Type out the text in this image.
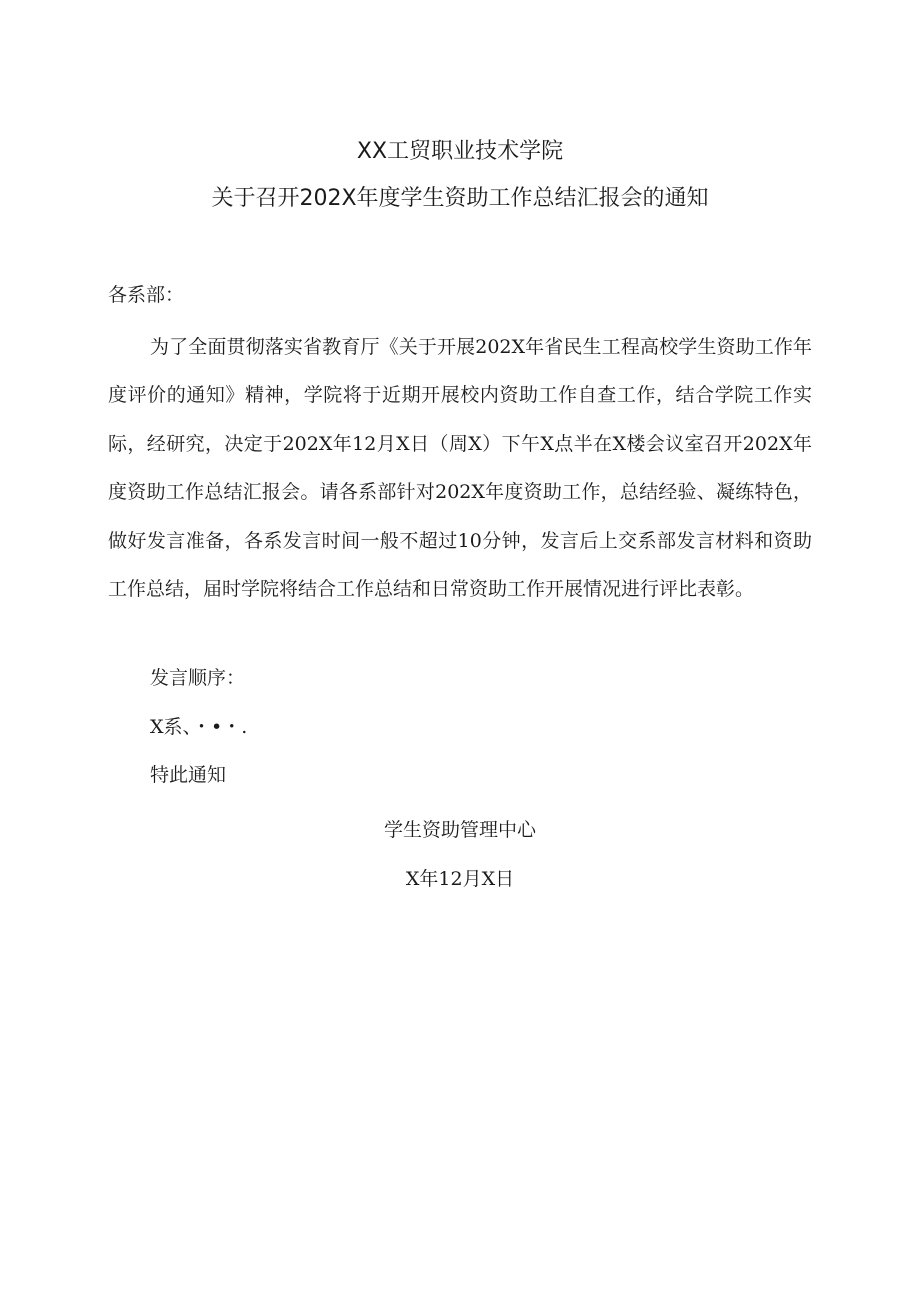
XX工贸职业技术学院
关于召开202X年度学生资助工作总结汇报会的通知
各系部：

为了全面贯彻落实省教育厅《关于开展202X年省民生工程高校学生资助工作年度评价的通知》精神，学院将于近期开展校内资助工作自查工作，结合学院工作实际，经研究，决定于202X年12月X日（周X）下午X点半在X楼会议室召开202X年度资助工作总结汇报会。请各系部针对202X年度资助工作，总结经验、凝练特色，做好发言准备，各系发言时间一般不超过10分钟，发言后上交系部发言材料和资助工作总结，届时学院将结合工作总结和日常资助工作开展情况进行评比表彰。

发言顺序：
X系、・•・.
特此通知
学生资助管理中心
X年12月X日
